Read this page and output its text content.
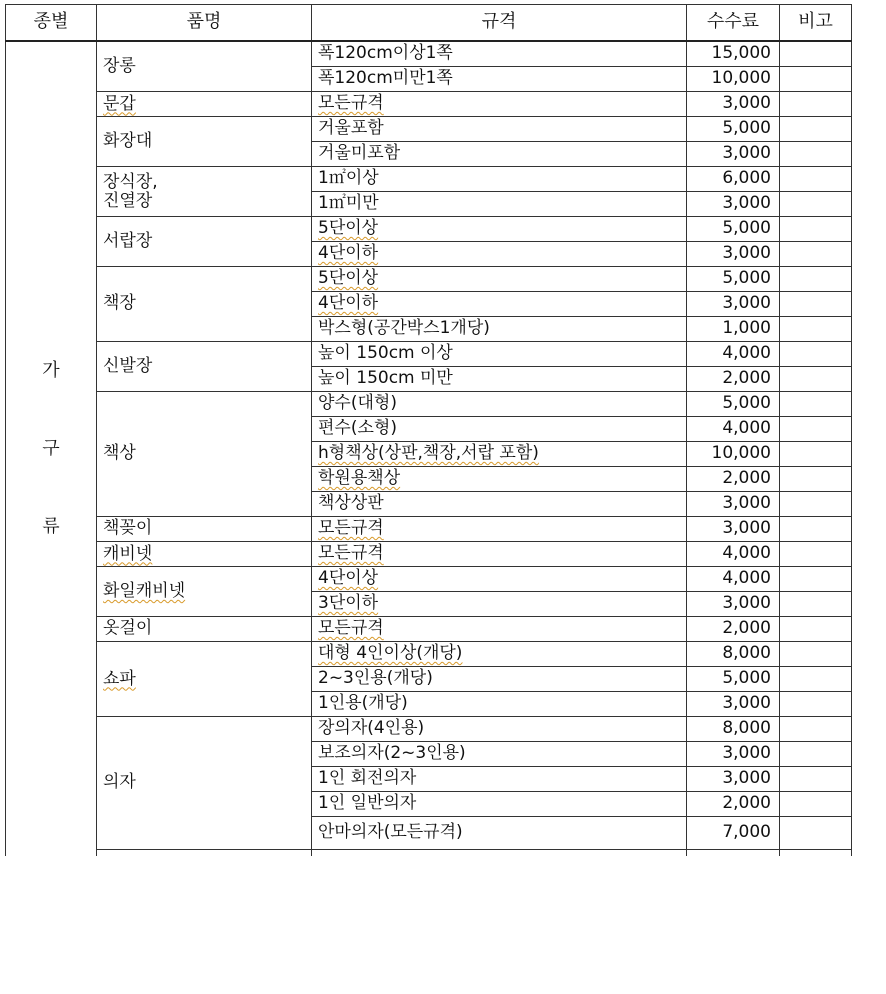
종별	품명	규격	수수료	비고

가
구
류	장롱	폭120cm이상1쪽	15,000	
		폭120cm미만1쪽	10,000	

	문갑	모든규격	3,000	
	화장대	거울포함	5,000	
		거울미포함	3,000	

	장식장,
진열장	1㎡이상	6,000	
		1㎡미만	3,000	
	서랍장	5단이상	5,000	
		4단이하	3,000	
	책장	5단이상	5,000	
		4단이하	3,000	
		박스형(공간박스1개당)	1,000	
	신발장	높이 150cm 이상	4,000	
		높이 150cm 미만	2,000	
	책상	양수(대형)	5,000	
		편수(소형)	4,000	
		h형책상(상판,책장,서랍 포함)	10,000	
		학원용책상	2,000	
		책상상판	3,000	
	책꽂이	모든규격	3,000	

	캐비넷	모든규격	4,000	

	화일캐비넷	4단이상	4,000	
		3단이하	3,000	
	옷걸이	모든규격	2,000	

	쇼파	대형 4인이상(개당)	8,000	
		2~3인용(개당)	5,000	
		1인용(개당)	3,000	
	의자	장의자(4인용)	8,000	
		보조의자(2~3인용)	3,000	
		1인 회전의자	3,000	
		1인 일반의자	2,000	
		안마의자(모든규격)	7,000	
